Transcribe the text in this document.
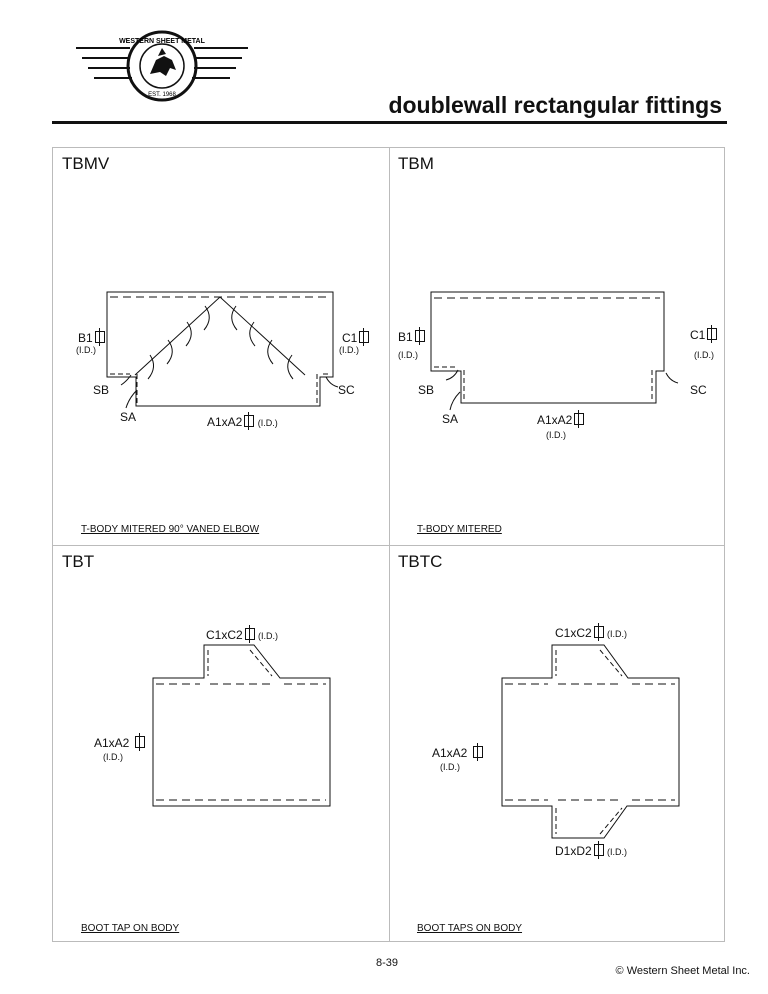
WESTERN SHEET METAL
EST. 1968	doublewall rectangular fittings
TBMV
B1
(I.D.)
C1
(I.D.)
SB	SC
SA	A1xA2 (I.D.)
T-BODY MITERED 90° VANED ELBOW
TBM
B1
(I.D.)
C1
(I.D.)
SB	SC
SA	A1xA2
(I.D.)
T-BODY MITERED
TBT
C1xC2 (I.D.)
A1xA2
(I.D.)
BOOT TAP ON BODY
TBTC
C1xC2 (I.D.)
A1xA2
(I.D.)
D1xD2 (I.D.)
BOOT TAPS ON BODY
8-39
© Western Sheet Metal Inc.
